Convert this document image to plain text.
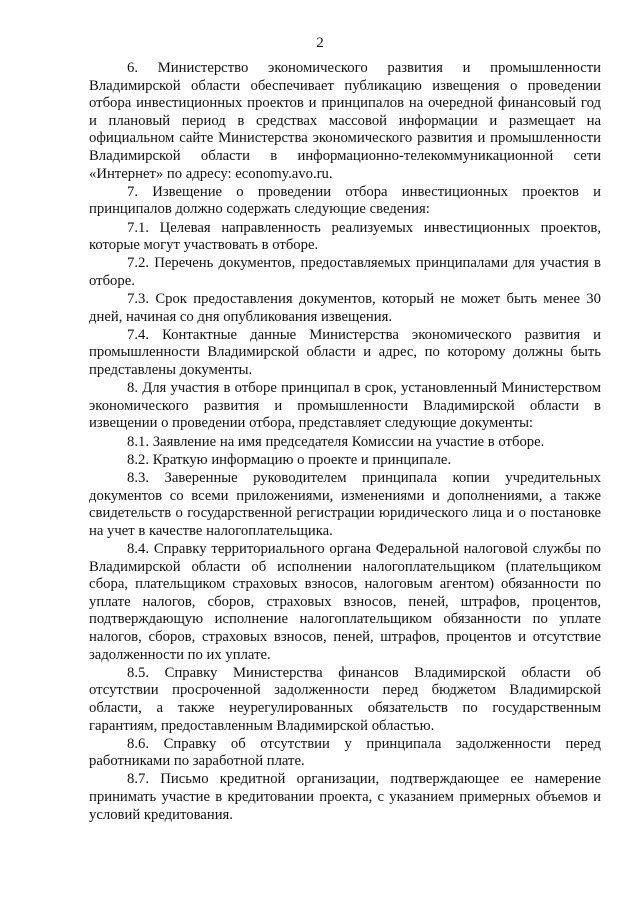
2

6. Министерство экономического развития и промышленности Владимирской области обеспечивает публикацию извещения о проведении отбора инвестиционных проектов и принципалов на очередной финансовый год и плановый период в средствах массовой информации и размещает на официальном сайте Министерства экономического развития и промышленности Владимирской области в информационно-телекоммуникационной сети «Интернет» по адресу: economy.avo.ru.

7. Извещение о проведении отбора инвестиционных проектов и принципалов должно содержать следующие сведения:

7.1. Целевая направленность реализуемых инвестиционных проектов, которые могут участвовать в отборе.

7.2. Перечень документов, предоставляемых принципалами для участия в отборе.

7.3. Срок предоставления документов, который не может быть менее 30 дней, начиная со дня опубликования извещения.

7.4. Контактные данные Министерства экономического развития и промышленности Владимирской области и адрес, по которому должны быть представлены документы.

8. Для участия в отборе принципал в срок, установленный Министерством экономического развития и промышленности Владимирской области в извещении о проведении отбора, представляет следующие документы:

8.1. Заявление на имя председателя Комиссии на участие в отборе.

8.2. Краткую информацию о проекте и принципале.

8.3. Заверенные руководителем принципала копии учредительных документов со всеми приложениями, изменениями и дополнениями, а также свидетельств о государственной регистрации юридического лица и о постановке на учет в качестве налогоплательщика.

8.4. Справку территориального органа Федеральной налоговой службы по Владимирской области об исполнении налогоплательщиком (плательщиком сбора, плательщиком страховых взносов, налоговым агентом) обязанности по уплате налогов, сборов, страховых взносов, пеней, штрафов, процентов, подтверждающую исполнение налогоплательщиком обязанности по уплате налогов, сборов, страховых взносов, пеней, штрафов, процентов и отсутствие задолженности по их уплате.

8.5. Справку Министерства финансов Владимирской области об отсутствии просроченной задолженности перед бюджетом Владимирской области, а также неурегулированных обязательств по государственным гарантиям, предоставленным Владимирской областью.

8.6. Справку об отсутствии у принципала задолженности перед работниками по заработной плате.

8.7. Письмо кредитной организации, подтверждающее ее намерение принимать участие в кредитовании проекта, с указанием примерных объемов и условий кредитования.
